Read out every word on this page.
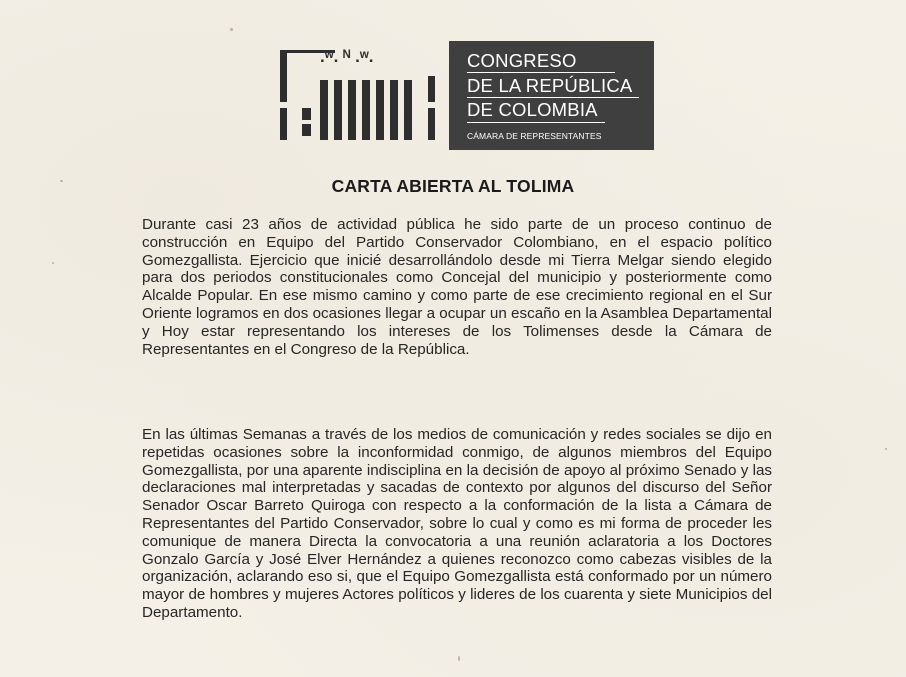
.ʷ. ᴺ .ʷ.	CONGRESO
DE LA REPÚBLICA
DE COLOMBIA
CÁMARA DE REPRESENTANTES
CARTA ABIERTA AL TOLIMA
Durante casi 23 años de actividad pública he sido parte de un proceso continuo de construcción en Equipo del Partido Conservador Colombiano, en el espacio político Gomezgallista. Ejercicio que inicié desarrollándolo desde mi Tierra Melgar siendo elegido para dos periodos constitucionales como Concejal del municipio y posteriormente como Alcalde Popular. En ese mismo camino y como parte de ese crecimiento regional en el Sur Oriente logramos en dos ocasiones llegar a ocupar un escaño en la Asamblea Departamental y Hoy estar representando los intereses de los Tolimenses desde la Cámara de Representantes en el Congreso de la República.
En las últimas Semanas a través de los medios de comunicación y redes sociales se dijo en repetidas ocasiones sobre la inconformidad conmigo, de algunos miembros del Equipo Gomezgallista, por una aparente indisciplina en la decisión de apoyo al próximo Senado y las declaraciones mal interpretadas y sacadas de contexto por algunos del discurso del Señor Senador Oscar Barreto Quiroga con respecto a la conformación de la lista a Cámara de Representantes del Partido Conservador, sobre lo cual y como es mi forma de proceder les comunique de manera Directa la convocatoria a una reunión aclaratoria a los Doctores Gonzalo García y José Elver Hernández a quienes reconozco como cabezas visibles de la organización, aclarando eso si, que el Equipo Gomezgallista está conformado por un número mayor de hombres y mujeres Actores políticos y lideres de los cuarenta y siete Municipios del Departamento.
